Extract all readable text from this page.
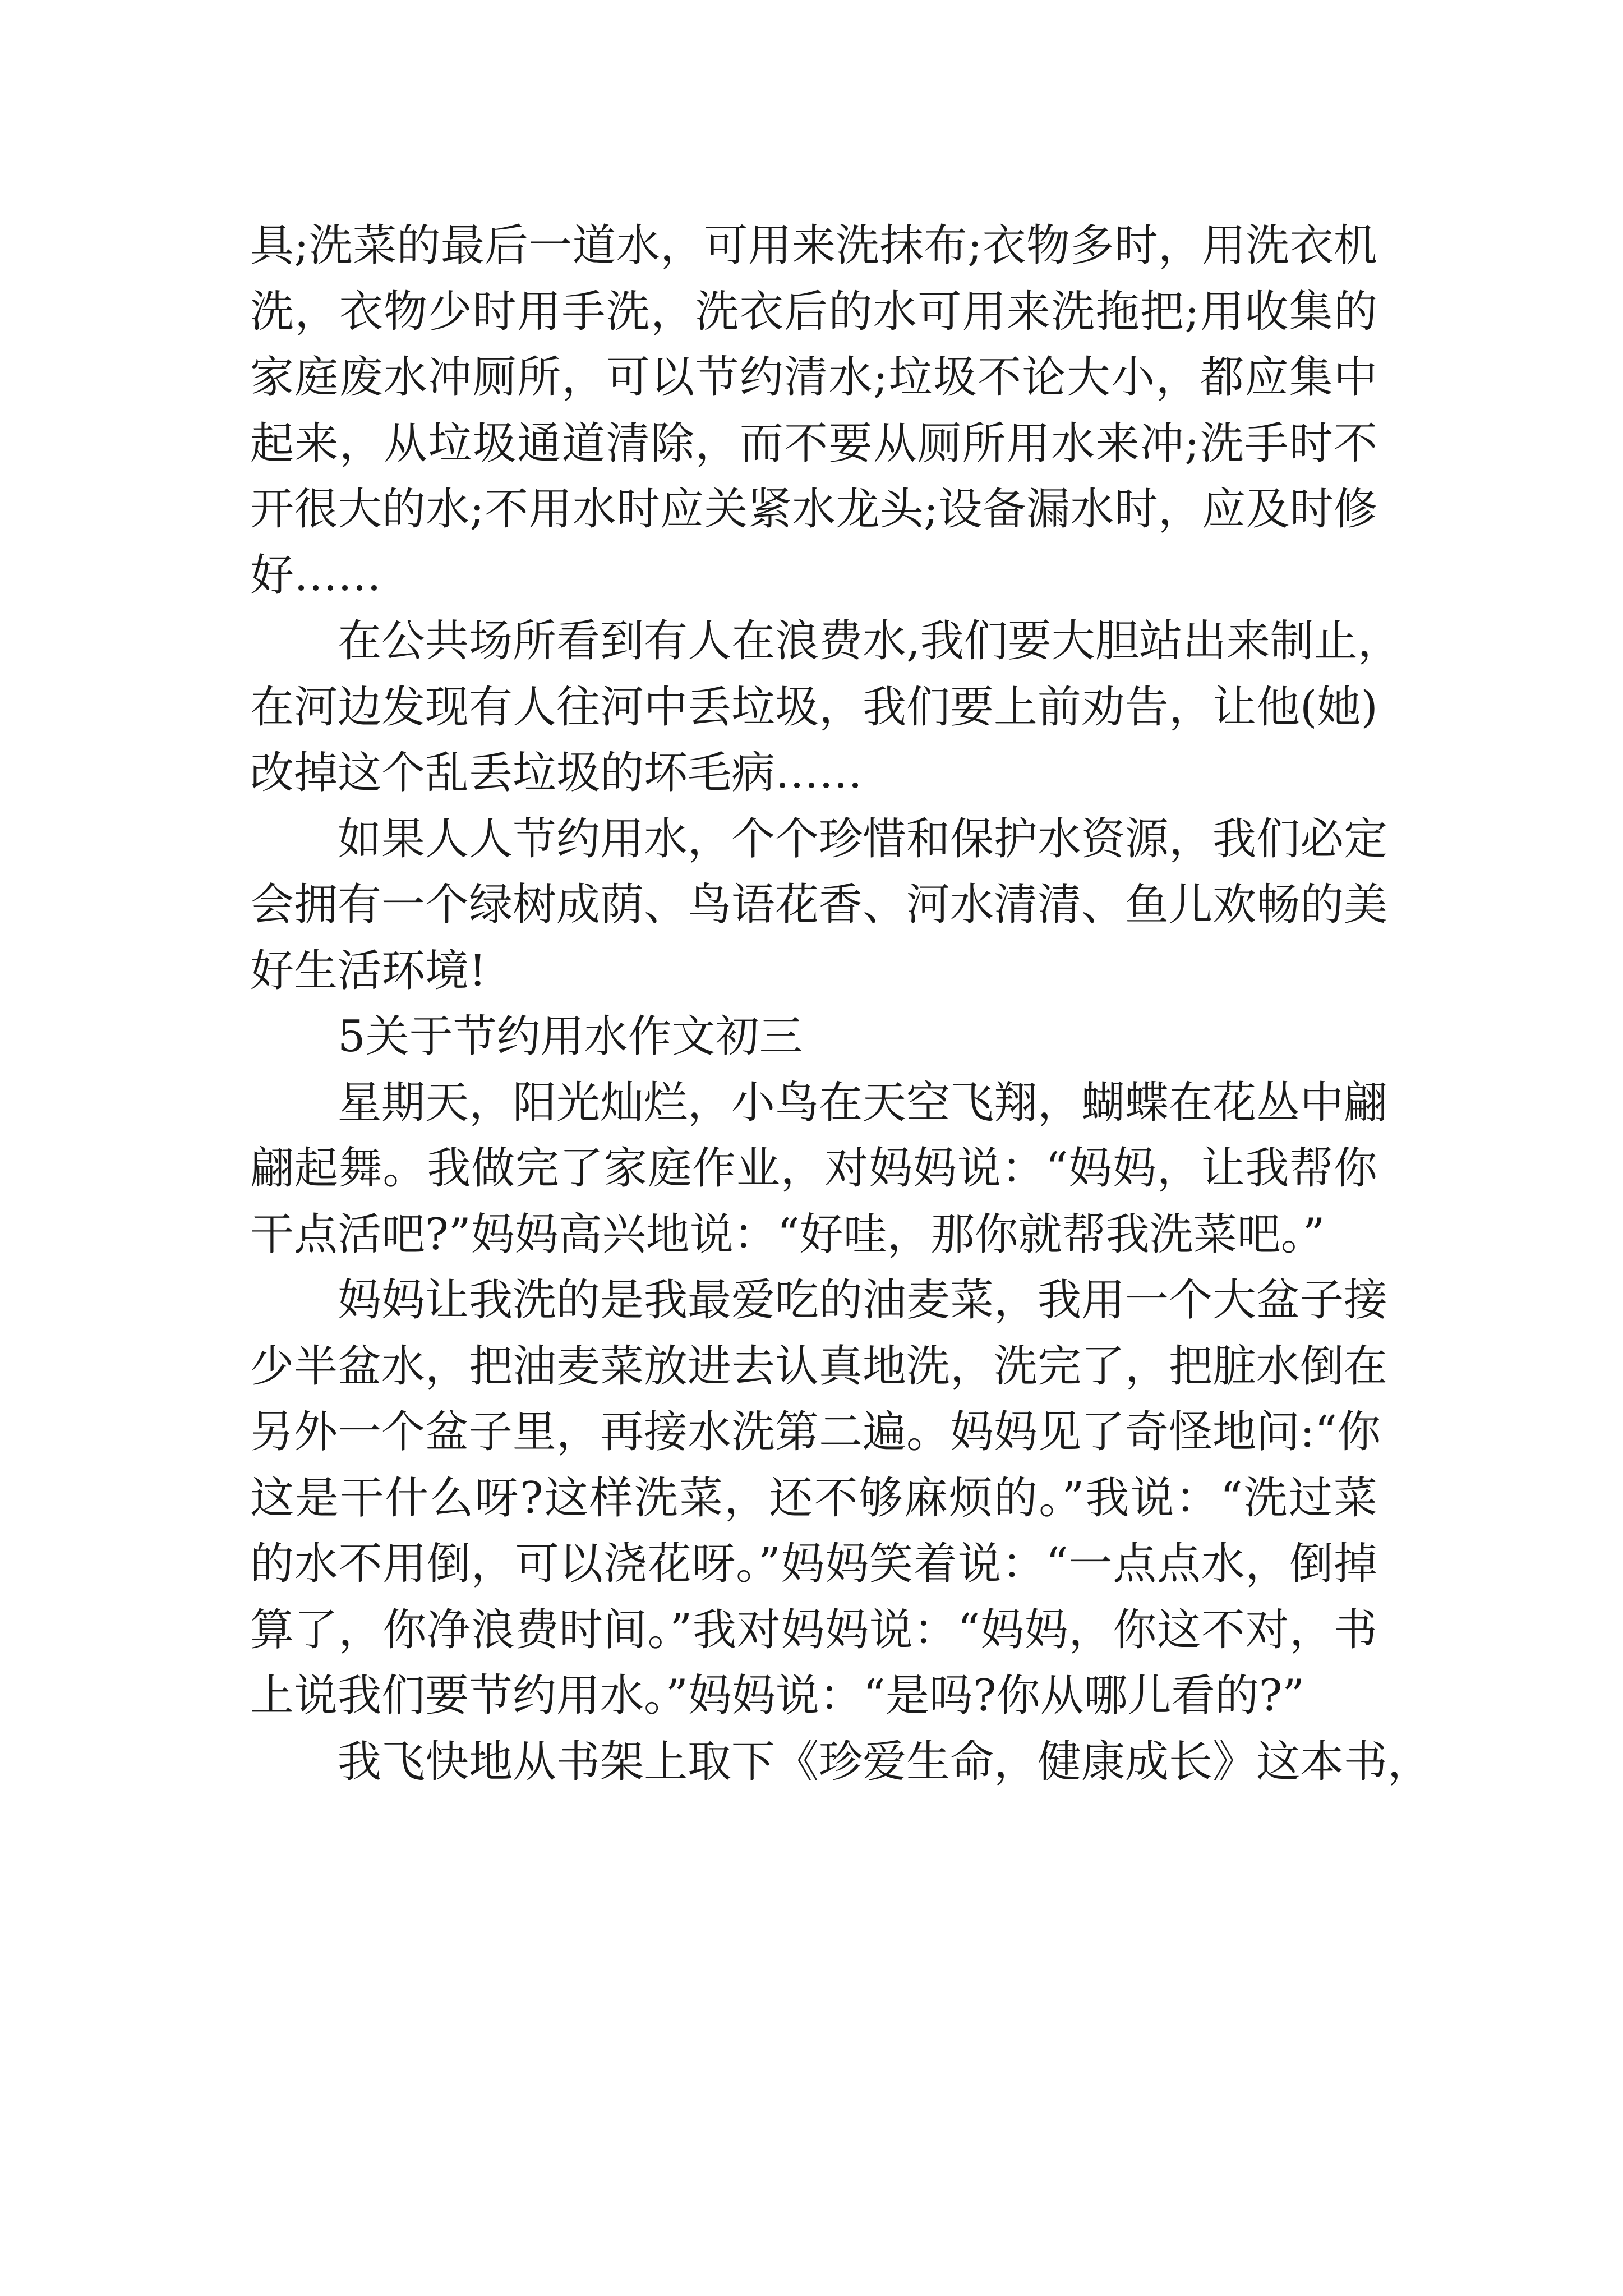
具;洗菜的最后一道水，可用来洗抹布;衣物多时，用洗衣机
洗，衣物少时用手洗，洗衣后的水可用来洗拖把;用收集的
家庭废水冲厕所，可以节约清水;垃圾不论大小，都应集中
起来，从垃圾通道清除，而不要从厕所用水来冲;洗手时不
开很大的水;不用水时应关紧水龙头;设备漏水时，应及时修
好……
在公共场所看到有人在浪费水,我们要大胆站出来制止，
在河边发现有人往河中丢垃圾，我们要上前劝告，让他(她)
改掉这个乱丢垃圾的坏毛病……
如果人人节约用水，个个珍惜和保护水资源，我们必定
会拥有一个绿树成荫、鸟语花香、河水清清、鱼儿欢畅的美
好生活环境!
5关于节约用水作文初三
星期天，阳光灿烂，小鸟在天空飞翔，蝴蝶在花丛中翩
翩起舞。我做完了家庭作业，对妈妈说：“妈妈，让我帮你
干点活吧?”妈妈高兴地说：“好哇，那你就帮我洗菜吧。”
妈妈让我洗的是我最爱吃的油麦菜，我用一个大盆子接
少半盆水，把油麦菜放进去认真地洗，洗完了，把脏水倒在
另外一个盆子里，再接水洗第二遍。妈妈见了奇怪地问:“你
这是干什么呀?这样洗菜，还不够麻烦的。”我说：“洗过菜
的水不用倒，可以浇花呀。”妈妈笑着说：“一点点水，倒掉
算了，你净浪费时间。”我对妈妈说：“妈妈，你这不对，书
上说我们要节约用水。”妈妈说：“是吗?你从哪儿看的?”
我飞快地从书架上取下《珍爱生命，健康成长》这本书，
